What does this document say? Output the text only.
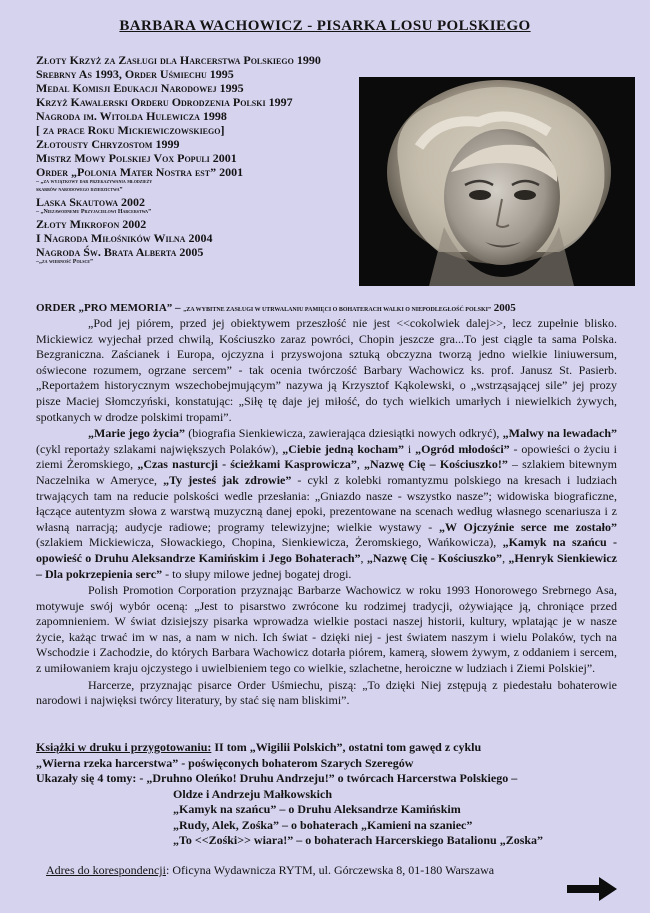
BARBARA WACHOWICZ - PISARKA LOSU POLSKIEGO
Złoty Krzyż za Zasługi dla Harcerstwa Polskiego 1990
Srebrny As 1993, Order Uśmiechu 1995
Medal Komisji Edukacji Narodowej 1995
Krzyż Kawalerski Orderu Odrodzenia Polski 1997
Nagroda im. Witolda Hulewicza 1998
[ za prace Roku Mickiewiczowskiego]
Złotousty Chryzostom 1999
Mistrz Mowy Polskiej Vox Populi 2001
Order „Polonia Mater Nostra est” 2001
– „za wyjątkowy dar przekazywania młodzieży
skarbów narodowego dziedzictwa”
Laska Skautowa 2002
– „Niezawodnemu Przyjacielowi Harcerstwa”
Złoty Mikrofon 2002
I Nagroda Miłośników Wilna 2004
Nagroda Św. Brata Alberta 2005
–„za wierność Polsce”
ORDER „PRO MEMORIA” – „ZA WYBITNE ZASŁUGI W UTRWALANIU PAMIĘCI O BOHATERACH WALKI O NIEPODLEGŁOŚĆ POLSKI” 2005

„Pod jej piórem, przed jej obiektywem przeszłość nie jest <<cokolwiek dalej>>, lecz zupełnie blisko. Mickiewicz wyjechał przed chwilą, Kościuszko zaraz powróci, Chopin jeszcze gra...To jest ciągle ta sama Polska. Bezgraniczna. Zaścianek i Europa, ojczyzna i przyswojona sztuką obczyzna tworzą jedno wielkie liniuwersum, oświecone rozumem, ogrzane sercem” - tak ocenia twórczość Barbary Wachowicz ks. prof. Janusz St. Pasierb. „Reportażem historycznym wszechobejmującym” nazywa ją Krzysztof Kąkolewski, o „wstrząsającej sile” jej prozy pisze Maciej Słomczyński, konstatując: „Siłę tę daje jej miłość, do tych wielkich umarłych i niewielkich żywych, spotkanych w drodze polskimi tropami”.

„Marie jego życia” (biografia Sienkiewicza, zawierająca dziesiątki nowych odkryć), „Malwy na lewadach” (cykl reportaży szlakami największych Polaków), „Ciebie jedną kocham” i „Ogród młodości” - opowieści o życiu i ziemi Żeromskiego, „Czas nasturcji - ścieżkami Kasprowicza”, „Nazwę Cię – Kościuszko!” – szlakiem bitewnym Naczelnika w Ameryce, „Ty jesteś jak zdrowie” - cykl z kolebki romantyzmu polskiego na kresach i ludziach trwających tam na reducie polskości wedle przesłania: „Gniazdo nasze - wszystko nasze”; widowiska biograficzne, łączące autentyzm słowa z warstwą muzyczną danej epoki, prezentowane na scenach według własnego scenariusza i z własną narracją; audycje radiowe; programy telewizyjne; wielkie wystawy - „W Ojczyźnie serce me zostało” (szlakiem Mickiewicza, Słowackiego, Chopina, Sienkiewicza, Żeromskiego, Wańkowicza), „Kamyk na szańcu - opowieść o Druhu Aleksandrze Kamińskim i Jego Bohaterach”, „Nazwę Cię - Kościuszko”, „Henryk Sienkiewicz – Dla pokrzepienia serc” - to słupy milowe jednej bogatej drogi.

Polish Promotion Corporation przyznając Barbarze Wachowicz w roku 1993 Honorowego Srebrnego Asa, motywuje swój wybór oceną: „Jest to pisarstwo zwrócone ku rodzimej tradycji, ożywiające ją, chroniące przed zapomnieniem. W świat dzisiejszy pisarka wprowadza wielkie postaci naszej historii, kultury, wplatając je w nasze życie, każąc trwać im w nas, a nam w nich. Ich świat - dzięki niej - jest światem naszym i wielu Polaków, tych na Wschodzie i Zachodzie, do których Barbara Wachowicz dotarła piórem, kamerą, słowem żywym, z oddaniem i sercem, z umiłowaniem kraju ojczystego i uwielbieniem tego co wielkie, szlachetne, heroiczne w ludziach i Ziemi Polskiej”.

Harcerze, przyznając pisarce Order Uśmiechu, piszą: „To dzięki Niej zstępują z piedestału bohaterowie narodowi i najwięksi twórcy literatury, by stać się nam bliskimi”.

Książki w druku i przygotowaniu: II tom „Wigilii Polskich”, ostatni tom gawęd z cyklu
„Wierna rzeka harcerstwa” - poświęconych bohaterom Szarych Szeregów
Ukazały się 4 tomy: - „Druhno Oleńko! Druhu Andrzeju!” o twórcach Harcerstwa Polskiego –
Oldze i Andrzeju Małkowskich
„Kamyk na szańcu” – o Druhu Aleksandrze Kamińskim
„Rudy, Alek, Zośka” – o bohaterach „Kamieni na szaniec”
„To <<Zośki>> wiara!” – o bohaterach Harcerskiego Batalionu „Zoska”
Adres do korespondencji: Oficyna Wydawnicza RYTM, ul. Górczewska 8, 01-180 Warszawa
